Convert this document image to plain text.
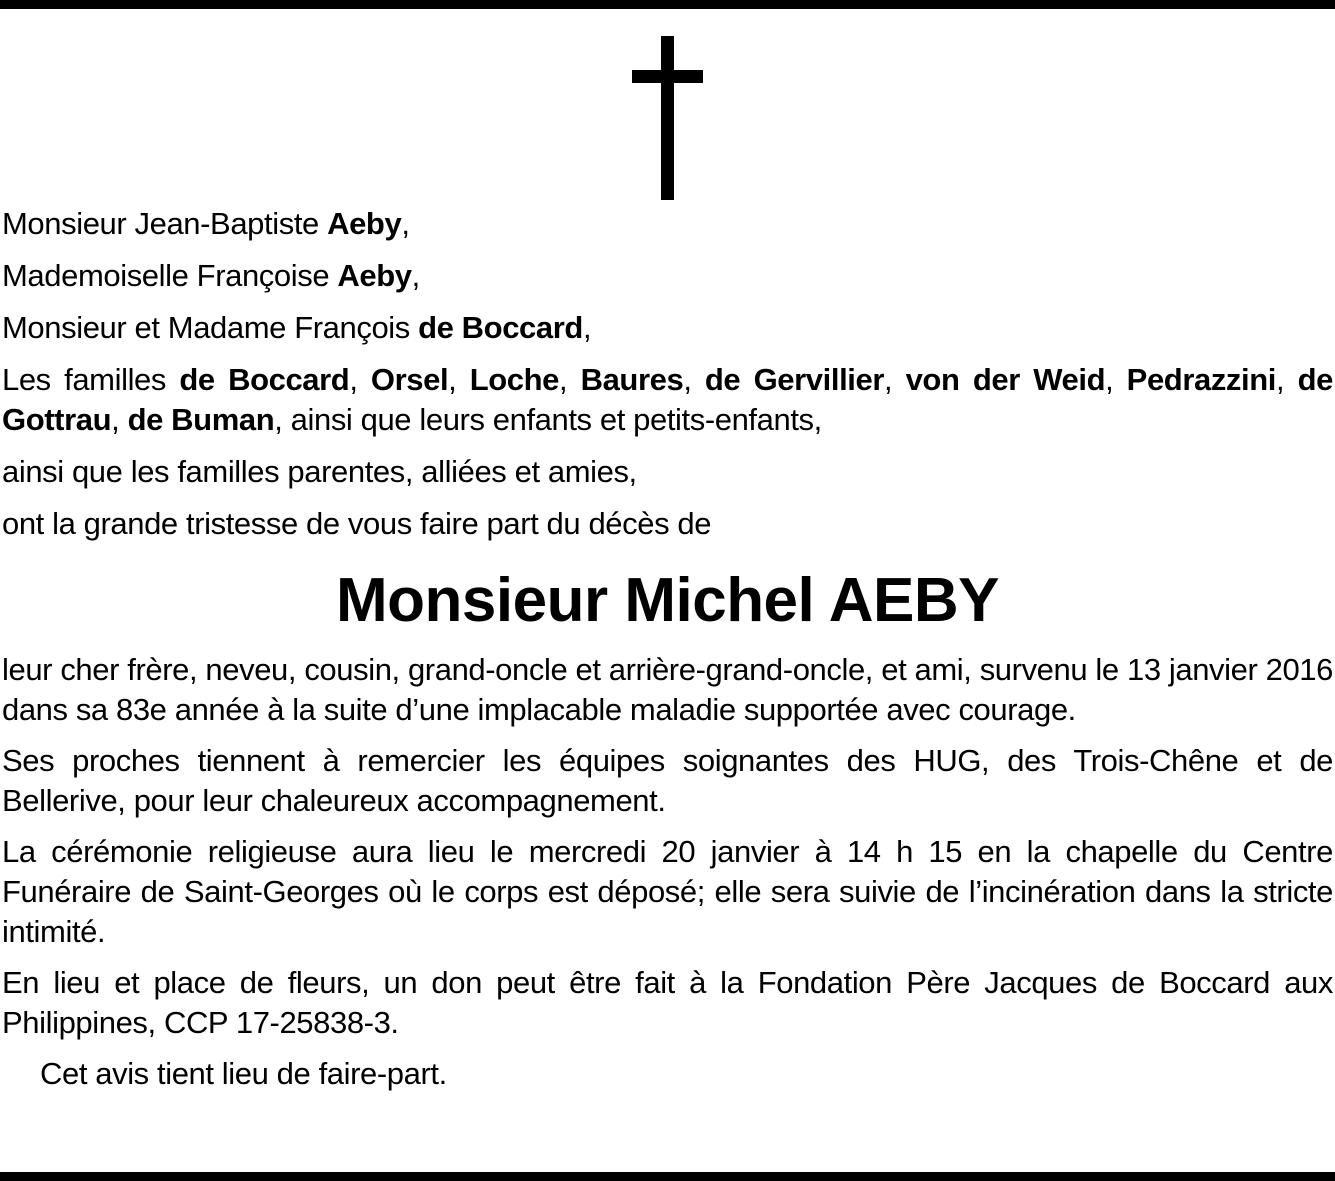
Monsieur Jean-Baptiste Aeby,

Mademoiselle Françoise Aeby,

Monsieur et Madame François de Boccard,

Les familles de Boccard, Orsel, Loche, Baures, de Gervillier, von der Weid, Pedrazzini, de Gottrau, de Buman, ainsi que leurs enfants et petits-enfants,

ainsi que les familles parentes, alliées et amies,

ont la grande tristesse de vous faire part du décès de

Monsieur Michel AEBY

leur cher frère, neveu, cousin, grand-oncle et arrière-grand-oncle, et ami, survenu le 13 janvier 2016 dans sa 83e année à la suite d’une implacable maladie supportée avec courage.

Ses proches tiennent à remercier les équipes soignantes des HUG, des Trois-Chêne et de Bellerive, pour leur chaleureux accompagnement.

La cérémonie religieuse aura lieu le mercredi 20 janvier à 14 h 15 en la chapelle du Centre Funéraire de Saint-Georges où le corps est déposé; elle sera suivie de l’incinération dans la stricte intimité.

En lieu et place de fleurs, un don peut être fait à la Fondation Père Jacques de Boccard aux Philippines, CCP 17-25838-3.

Cet avis tient lieu de faire-part.
